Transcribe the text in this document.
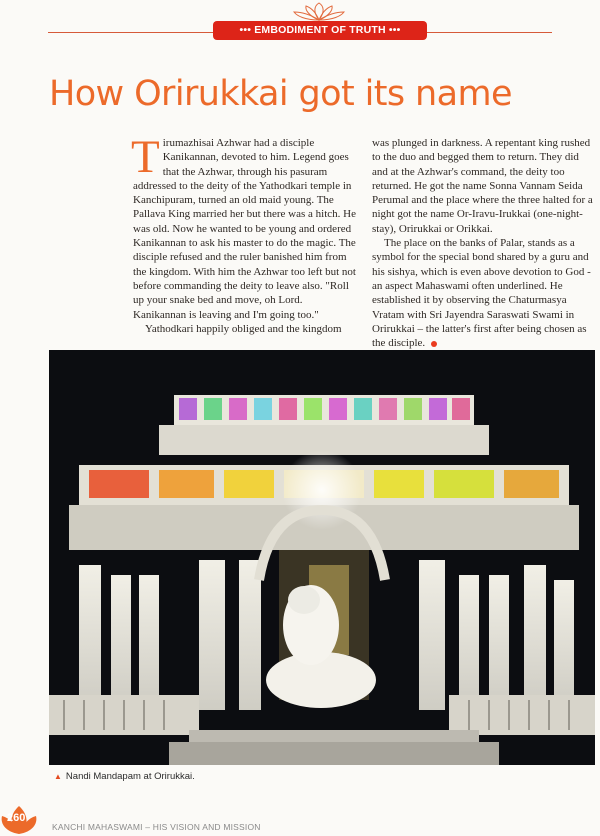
••• EMBODIMENT OF TRUTH •••
How Orirukkai got its name

Tirumazhisai Azhwar had a disciple Kanikannan, devoted to him. Legend goes that the Azhwar, through his pasuram addressed to the deity of the Yathodkari temple in Kanchipuram, turned an old maid young. The Pallava King married her but there was a hitch. He was old. Now he wanted to be young and ordered Kanikannan to ask his master to do the magic. The disciple refused and the ruler banished him from the kingdom. With him the Azhwar too left but not before commanding the deity to leave also. "Roll up your snake bed and move, oh Lord. Kanikannan is leaving and I'm going too."

Yathodkari happily obliged and the kingdom

was plunged in darkness. A repentant king rushed to the duo and begged them to return. They did and at the Azhwar's command, the deity too returned. He got the name Sonna Vannam Seida Perumal and the place where the three halted for a night got the name Or-Iravu-Irukkai (one-night-stay), Orirukkai or Orikkai.

The place on the banks of Palar, stands as a symbol for the special bond shared by a guru and his sishya, which is even above devotion to God - an aspect Mahaswami often underlined. He established it by observing the Chaturmasya Vratam with Sri Jayendra Saraswati Swami in Orirukkai – the latter's first after being chosen as the disciple.

▲ Nandi Mandapam at Orirukkai.
260
KANCHI MAHASWAMI – HIS VISION AND MISSION
